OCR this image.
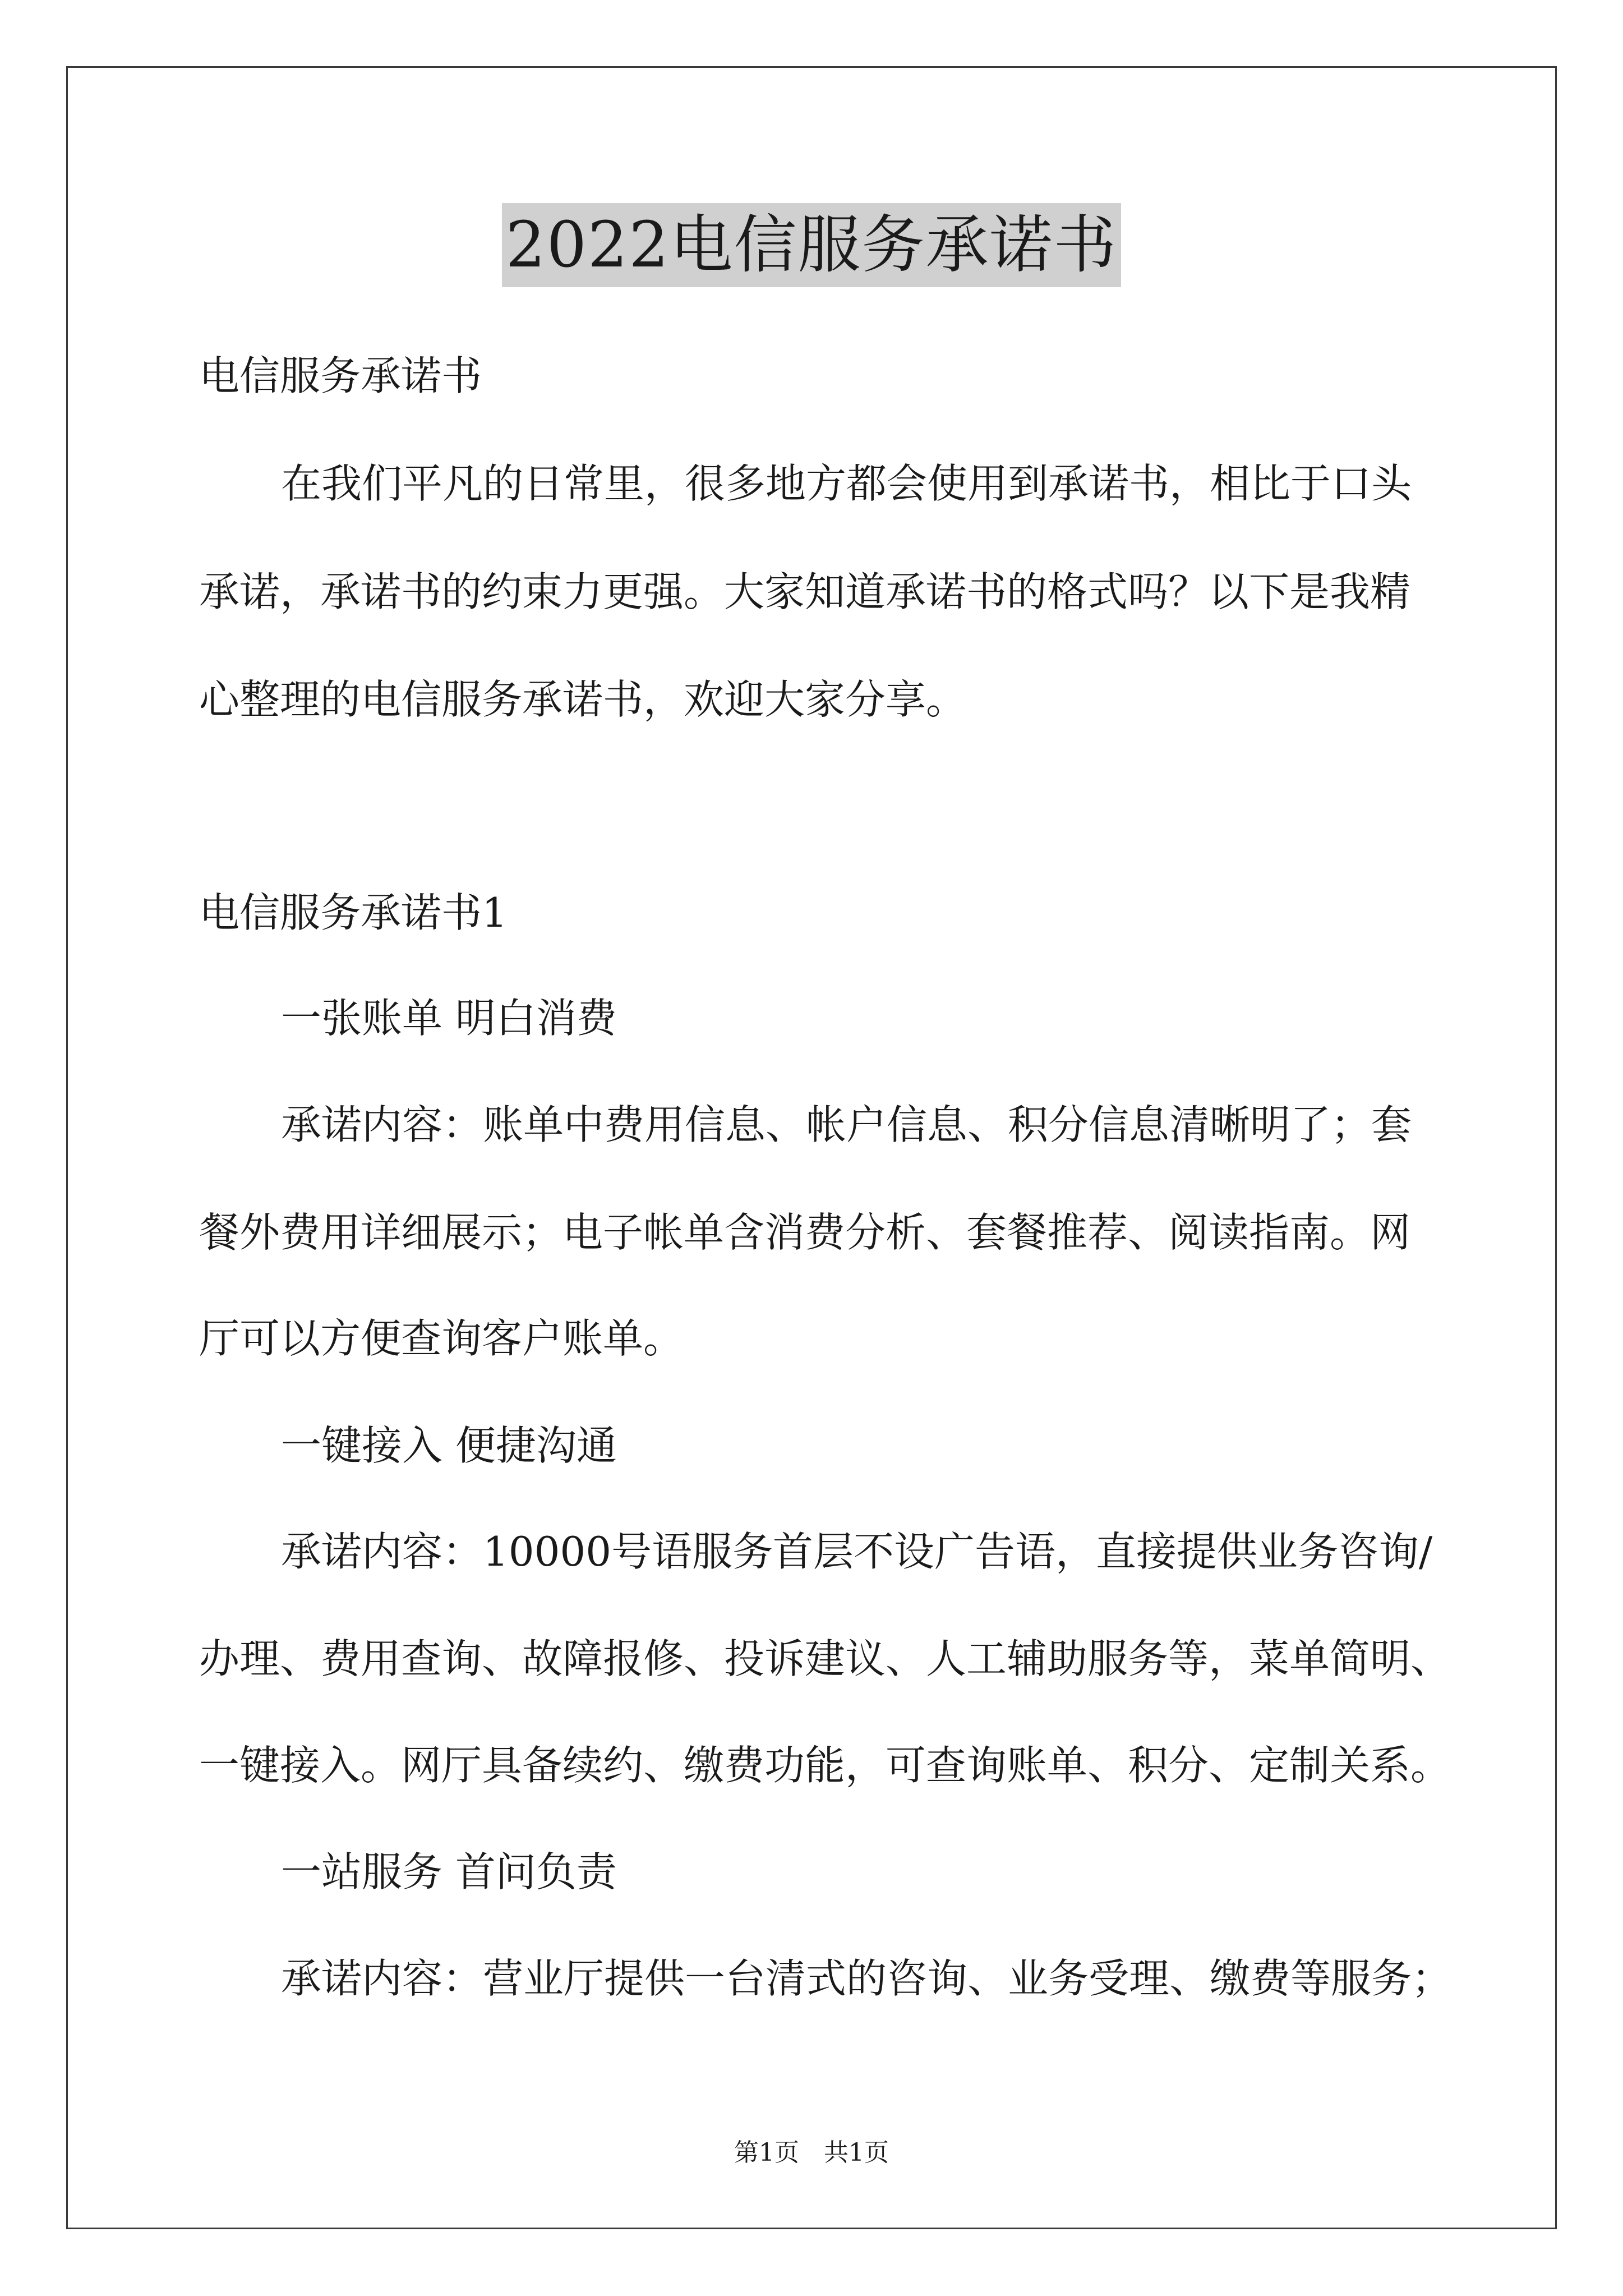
2022电信服务承诺书
电信服务承诺书
在我们平凡的日常里，很多地方都会使用到承诺书，相比于口头
承诺，承诺书的约束力更强。大家知道承诺书的格式吗？以下是我精
心整理的电信服务承诺书，欢迎大家分享。
电信服务承诺书1
一张账单 明白消费
承诺内容：账单中费用信息、帐户信息、积分信息清晰明了；套
餐外费用详细展示；电子帐单含消费分析、套餐推荐、阅读指南。网
厅可以方便查询客户账单。
一键接入 便捷沟通
承诺内容：10000号语服务首层不设广告语，直接提供业务咨询/
办理、费用查询、故障报修、投诉建议、人工辅助服务等，菜单简明、
一键接入。网厅具备续约、缴费功能，可查询账单、积分、定制关系。
一站服务 首问负责
承诺内容：营业厅提供一台清式的咨询、业务受理、缴费等服务；
第1页　共1页
